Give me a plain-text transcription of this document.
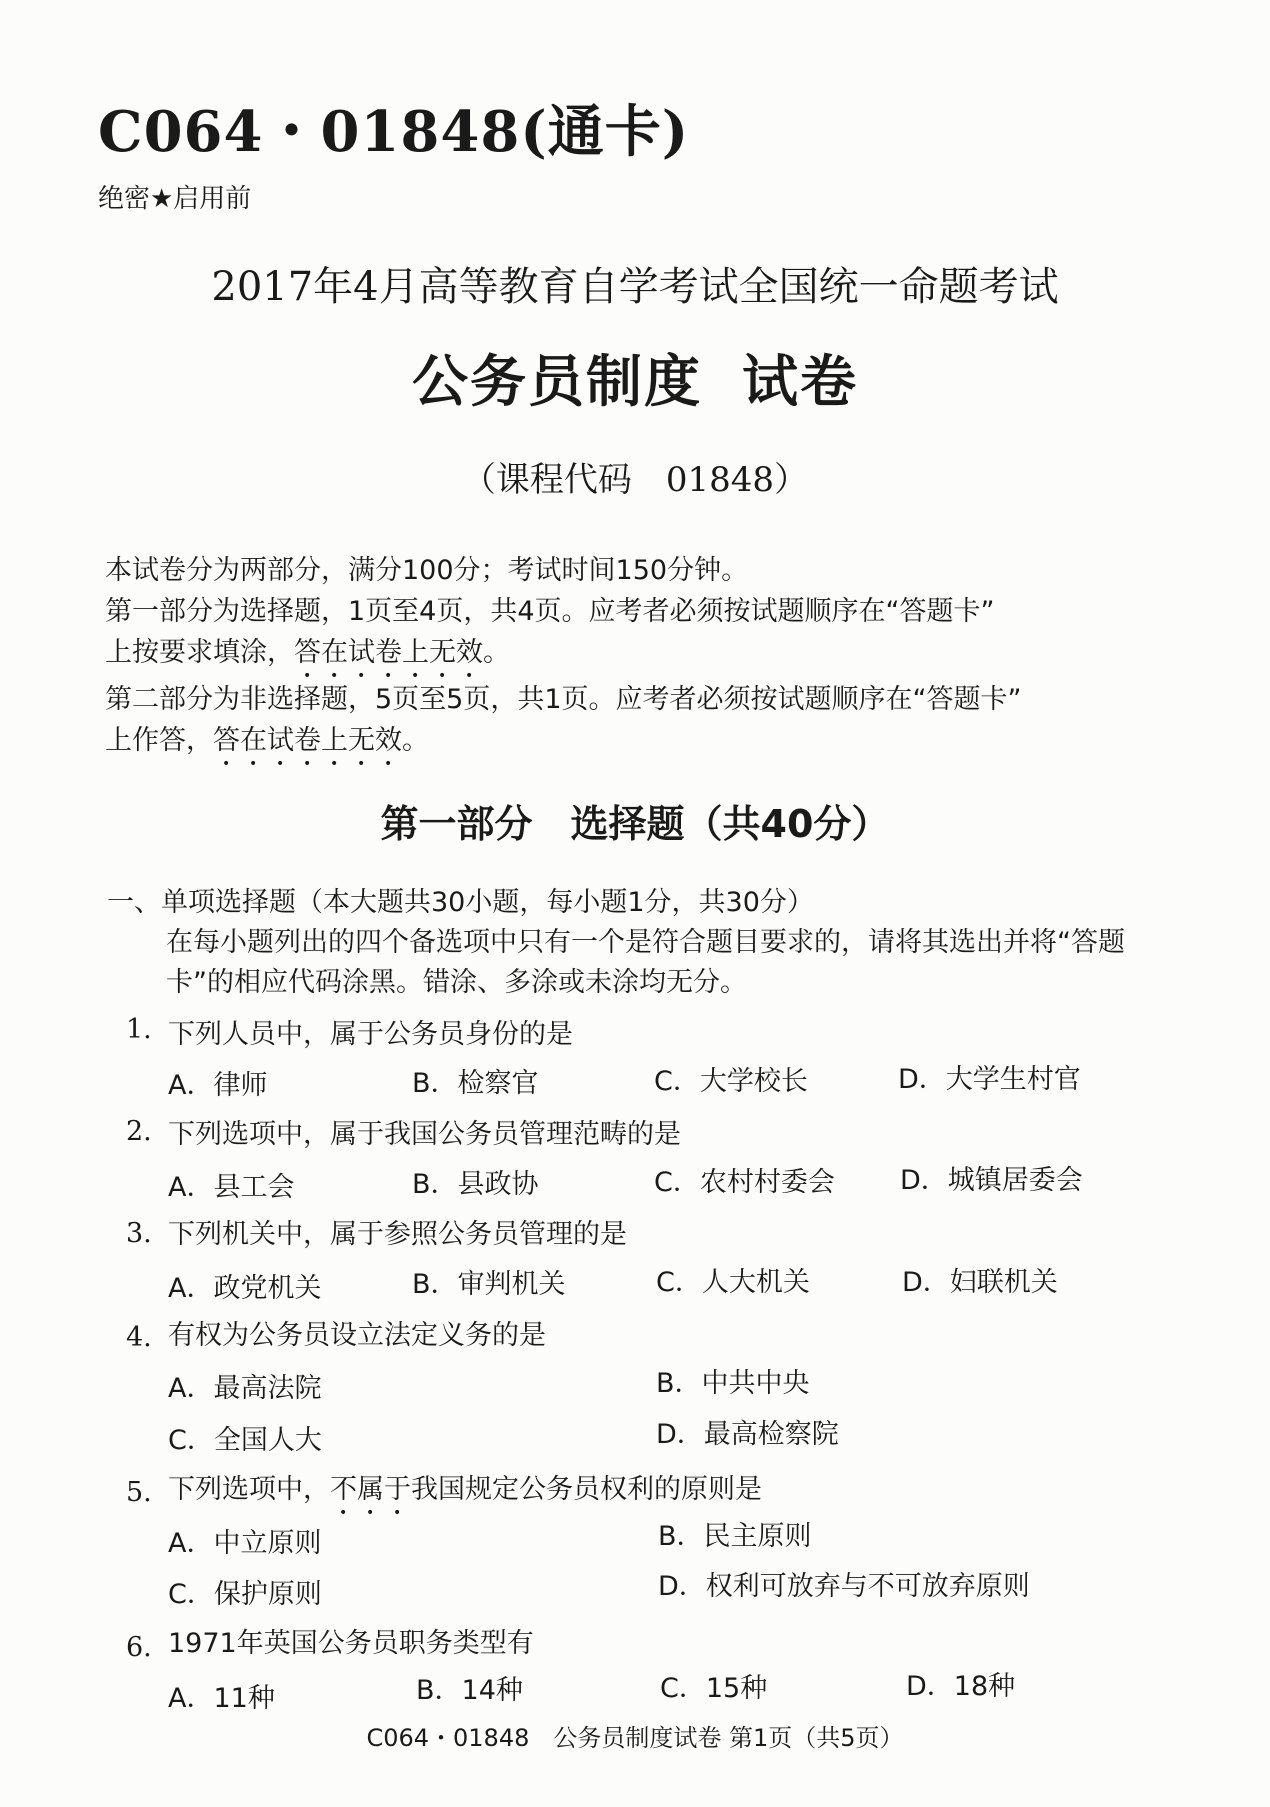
C064・01848(通卡)
绝密★启用前
2017年4月高等教育自学考试全国统一命题考试
公务员制度 试卷
（课程代码　01848）
本试卷分为两部分，满分100分；考试时间150分钟。
第一部分为选择题，1页至4页，共4页。应考者必须按试题顺序在“答题卡”
上按要求填涂，答在试卷上无效。
第二部分为非选择题，5页至5页，共1页。应考者必须按试题顺序在“答题卡”
上作答，答在试卷上无效。
第一部分　选择题（共40分）
一、单项选择题（本大题共30小题，每小题1分，共30分）
在每小题列出的四个备选项中只有一个是符合题目要求的，请将其选出并将“答题
卡”的相应代码涂黑。错涂、多涂或未涂均无分。
1. 下列人员中，属于公务员身份的是
A．律师	B．检察官	C．大学校长	D．大学生村官
2. 下列选项中，属于我国公务员管理范畴的是
A．县工会	B．县政协	C．农村村委会 D．城镇居委会
3. 下列机关中，属于参照公务员管理的是
A．政党机关	B．审判机关	C．人大机关	D．妇联机关
4. 有权为公务员设立法定义务的是
A．最高法院	B．中共中央
C．全国人大	D．最高检察院
5. 下列选项中，不属于我国规定公务员权利的原则是
A．中立原则	B．民主原则
C．保护原则	D．权利可放弃与不可放弃原则
6. 1971年英国公务员职务类型有
A．11种	B．14种	C．15种	D．18种
C064・01848　公务员制度试卷 第1页（共5页）
